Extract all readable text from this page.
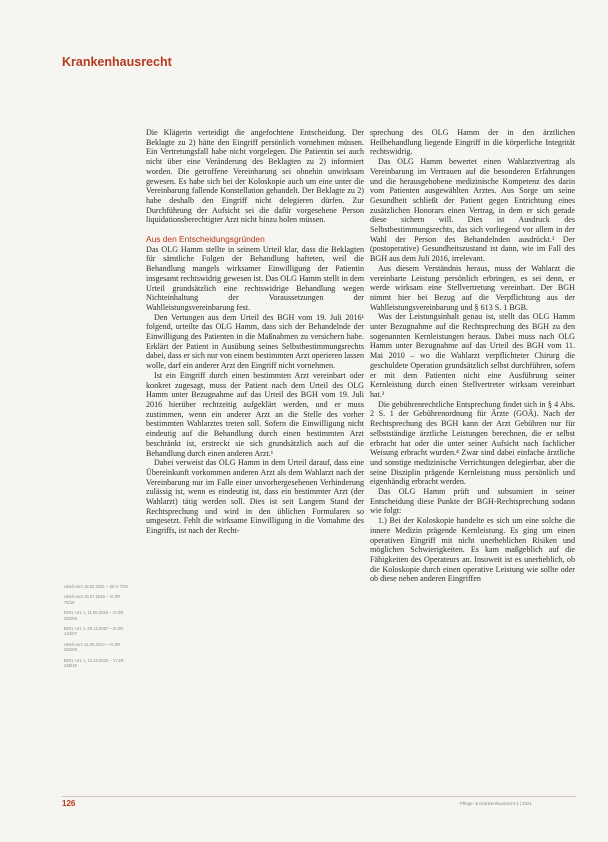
Krankenhausrecht

Die Klägerin verteidigt die angefochtene Entscheidung. Der Beklagte zu 2) hätte den Eingriff persönlich vornehmen müssen. Ein Vertretungsfall habe nicht vorgelegen. Die Patientin sei auch nicht über eine Veränderung des Beklagten zu 2) informiert worden. Die getroffene Vereinbarung sei ohnehin unwirksam gewesen. Es habe sich bei der Koloskopie auch um eine unter die Vereinbarung fallende Konstellation gehandelt. Der Beklagte zu 2) habe deshalb den Eingriff nicht delegieren dürfen. Zur Durchführung der Aufsicht sei die dafür vorgesehene Person liquidationsberechtigter Arzt nicht hinzu holen müssen.

Aus den Entscheidungsgründen

Das OLG Hamm stellte in seinem Urteil klar, dass die Beklagten für sämtliche Folgen der Behandlung hafteten, weil die Behandlung mangels wirksamer Einwilligung der Patientin insgesamt rechtswidrig gewesen ist. Das OLG Hamm stellt in dem Urteil grundsätzlich eine rechtswidrige Behandlung wegen Nichteinhaltung der Voraussetzungen der Wahlleistungsvereinbarung fest.

Den Vertungen aus dem Urteil des BGH vom 19. Juli 2016¹ folgend, urteilte das OLG Hamm, dass sich der Behandelnde der Einwilligung des Patienten in die Maßnahmen zu versichern habe. Erklärt der Patient in Ausübung seines Selbstbestimmungsrechts dabei, dass er sich nur von einem bestimmten Arzt operieren lassen wolle, darf ein anderer Arzt den Eingriff nicht vornehmen.

Ist ein Eingriff durch einen bestimmten Arzt vereinbart oder konkret zugesagt, muss der Patient nach dem Urteil des OLG Hamm unter Bezugnahme auf das Urteil des BGH vom 19. Juli 2016 hierüber rechtzeitig aufgeklärt werden, und er muss zustimmen, wenn ein anderer Arzt an die Stelle des vorher bestimmten Wahlarztes treten soll. Sofern die Einwilligung nicht eindeutig auf die Behandlung durch einen bestimmten Arzt beschränkt ist, erstreckt sie sich grundsätzlich auch auf die Behandlung durch einen anderen Arzt.¹

Dabei verweist das OLG Hamm in dem Urteil darauf, dass eine Übereinkunft vorkommen anderen Arzt als dem Wahlarzt nach der Vereinbarung nur im Falle einer unvorhergesehenen Verhinderung zulässig ist, wenn es eindeutig ist, dass ein bestimmter Arzt (der Wahlarzt) tätig werden soll. Dies ist seit Langem Stand der Rechtsprechung und wird in den üblichen Formularen so umgesetzt. Fehlt die wirksame Einwilligung in die Vornahme des Eingriffs, ist nach der Recht-

sprechung des OLG Hamm der in den ärztlichen Heilbehandlung liegende Eingriff in die körperliche Integrität rechtswidrig.

Das OLG Hamm bewertet einen Wahlarztvertrag als Vereinbarung im Vertrauen auf die besonderen Erfahrungen und die herausgehobene medizinische Kompetenz des darin vom Patienten ausgewählten Arztes. Aus Sorge um seine Gesundheit schließt der Patient gegen Entrichtung eines zusätzlichen Honorars einen Vertrag, in dem er sich gerade diese sichern will. Dies ist Ausdruck des Selbstbestimmungsrechts, das sich vorliegend vor allem in der Wahl der Person des Behandelnden ausdrückt.² Der (postoperative) Gesundheitszustand ist dann, wie im Fall des BGH aus dem Juli 2016, irrelevant.

Aus diesem Verständnis heraus, muss der Wahlarzt die vereinbarte Leistung persönlich erbringen, es sei denn, er werde wirksam eine Stellvertretung vereinbart. Der BGH nimmt hier bei Bezug auf die Verpflichtung aus der Wahlleistungsvereinbarung und § 613 S. 1 BGB.

Was der Leistungsinhalt genau ist, stellt das OLG Hamm unter Bezugnahme auf die Rechtsprechung des BGH zu den sogenannten Kernleistungen heraus. Dabei muss nach OLG Hamm unter Bezugnahme auf das Urteil des BGH vom 11. Mai 2010 – wo die Wahlarzt verpflichteter Chirurg die geschuldete Operation grundsätzlich selbst durchführen, sofern er mit dem Patienten nicht eine Ausführung seiner Kernleistung durch einen Stellvertreter wirksam vereinbart hat.³

Die gebührenrechtliche Entsprechung findet sich in § 4 Abs. 2 S. 1 der Gebührenordnung für Ärzte (GOÄ). Nach der Rechtsprechung des BGH kann der Arzt Gebühren nur für selbstständige ärztliche Leistungen berechnen, die er selbst erbracht hat oder die unter seiner Aufsicht nach fachlicher Weisung erbracht wurden.⁴ Zwar sind dabei einfache ärztliche und sonstige medizinische Verrichtungen delegierbar, aber die seine Disziplin prägende Kernleistung muss persönlich und eigenhändig erbracht werden.

Das OLG Hamm prüft und subsumiert in seiner Entscheidung diese Punkte der BGH-Rechtsprechung sodann wie folgt:

1.) Bei der Koloskopie handelte es sich um eine solche die innere Medizin prägende Kernleistung. Es ging um einen operativen Eingriff mit nicht unerheblichen Risiken und möglichen Schwierigkeiten. Es kam maßgeblich auf die Fähigkeiten des Operateurs an. Insoweit ist es unerheblich, ob die Koloskopie durch einen operative Leistung wie sollte oder ob diese neben anderen Eingriffen

Urteil vom 15.02.2021 – 26 U 7/20
Urteil vom 19.07.2016 – VI ZR 75/15
BGH, Urt. v. 11.05.2010 – VI ZR 252/08
BGH, Urt. v. 20.12.2007 – III ZR 144/07
Urteil vom 11.05.2010 – VI ZR 252/08
BGH, Urt. v. 13.10.2020 – VI ZR 348/19
126	Pflege- & Krankenhausrecht 4 | 2021
